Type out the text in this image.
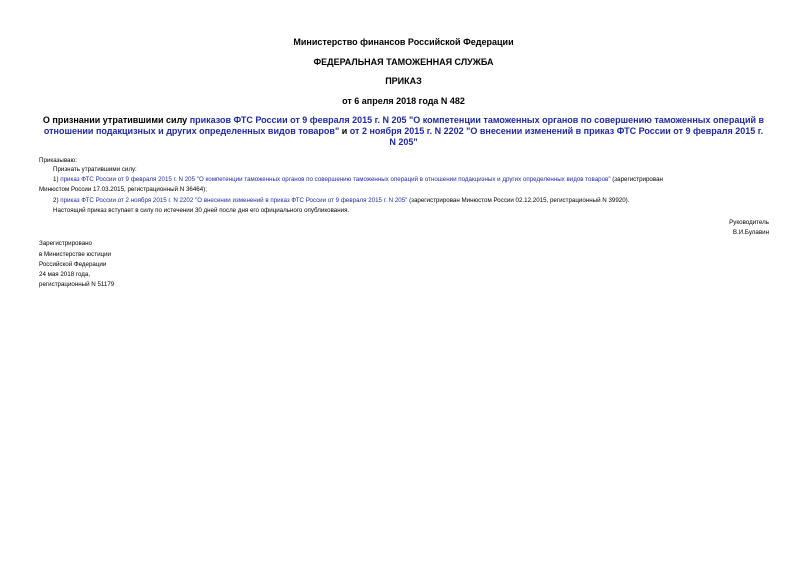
Министерство финансов Российской Федерации
ФЕДЕРАЛЬНАЯ ТАМОЖЕННАЯ СЛУЖБА
ПРИКАЗ
от 6 апреля 2018 года N 482
О признании утратившими силу приказов ФТС России от 9 февраля 2015 г. N 205 "О компетенции таможенных органов по совершению таможенных операций в отношении подакцизных и других определенных видов товаров" и от 2 ноября 2015 г. N 2202 "О внесении изменений в приказ ФТС России от 9 февраля 2015 г. N 205"
Приказываю:
Признать утратившими силу:
1) приказ ФТС России от 9 февраля 2015 г. N 205 "О компетенции таможенных органов по совершению таможенных операций в отношении подакцизных и других определенных видов товаров" (зарегистрирован
Минюстом России 17.03.2015, регистрационный N 36464);
2) приказ ФТС России от 2 ноября 2015 г. N 2202 "О внесении изменений в приказ ФТС России от 9 февраля 2015 г. N 205" (зарегистрирован Минюстом России 02.12.2015, регистрационный N 39920).
Настоящий приказ вступает в силу по истечении 30 дней после дня его официального опубликования.
Руководитель
В.И.Булавин
Зарегистрировано
в Министерстве юстиции
Российской Федерации
24 мая 2018 года,
регистрационный N 51179
